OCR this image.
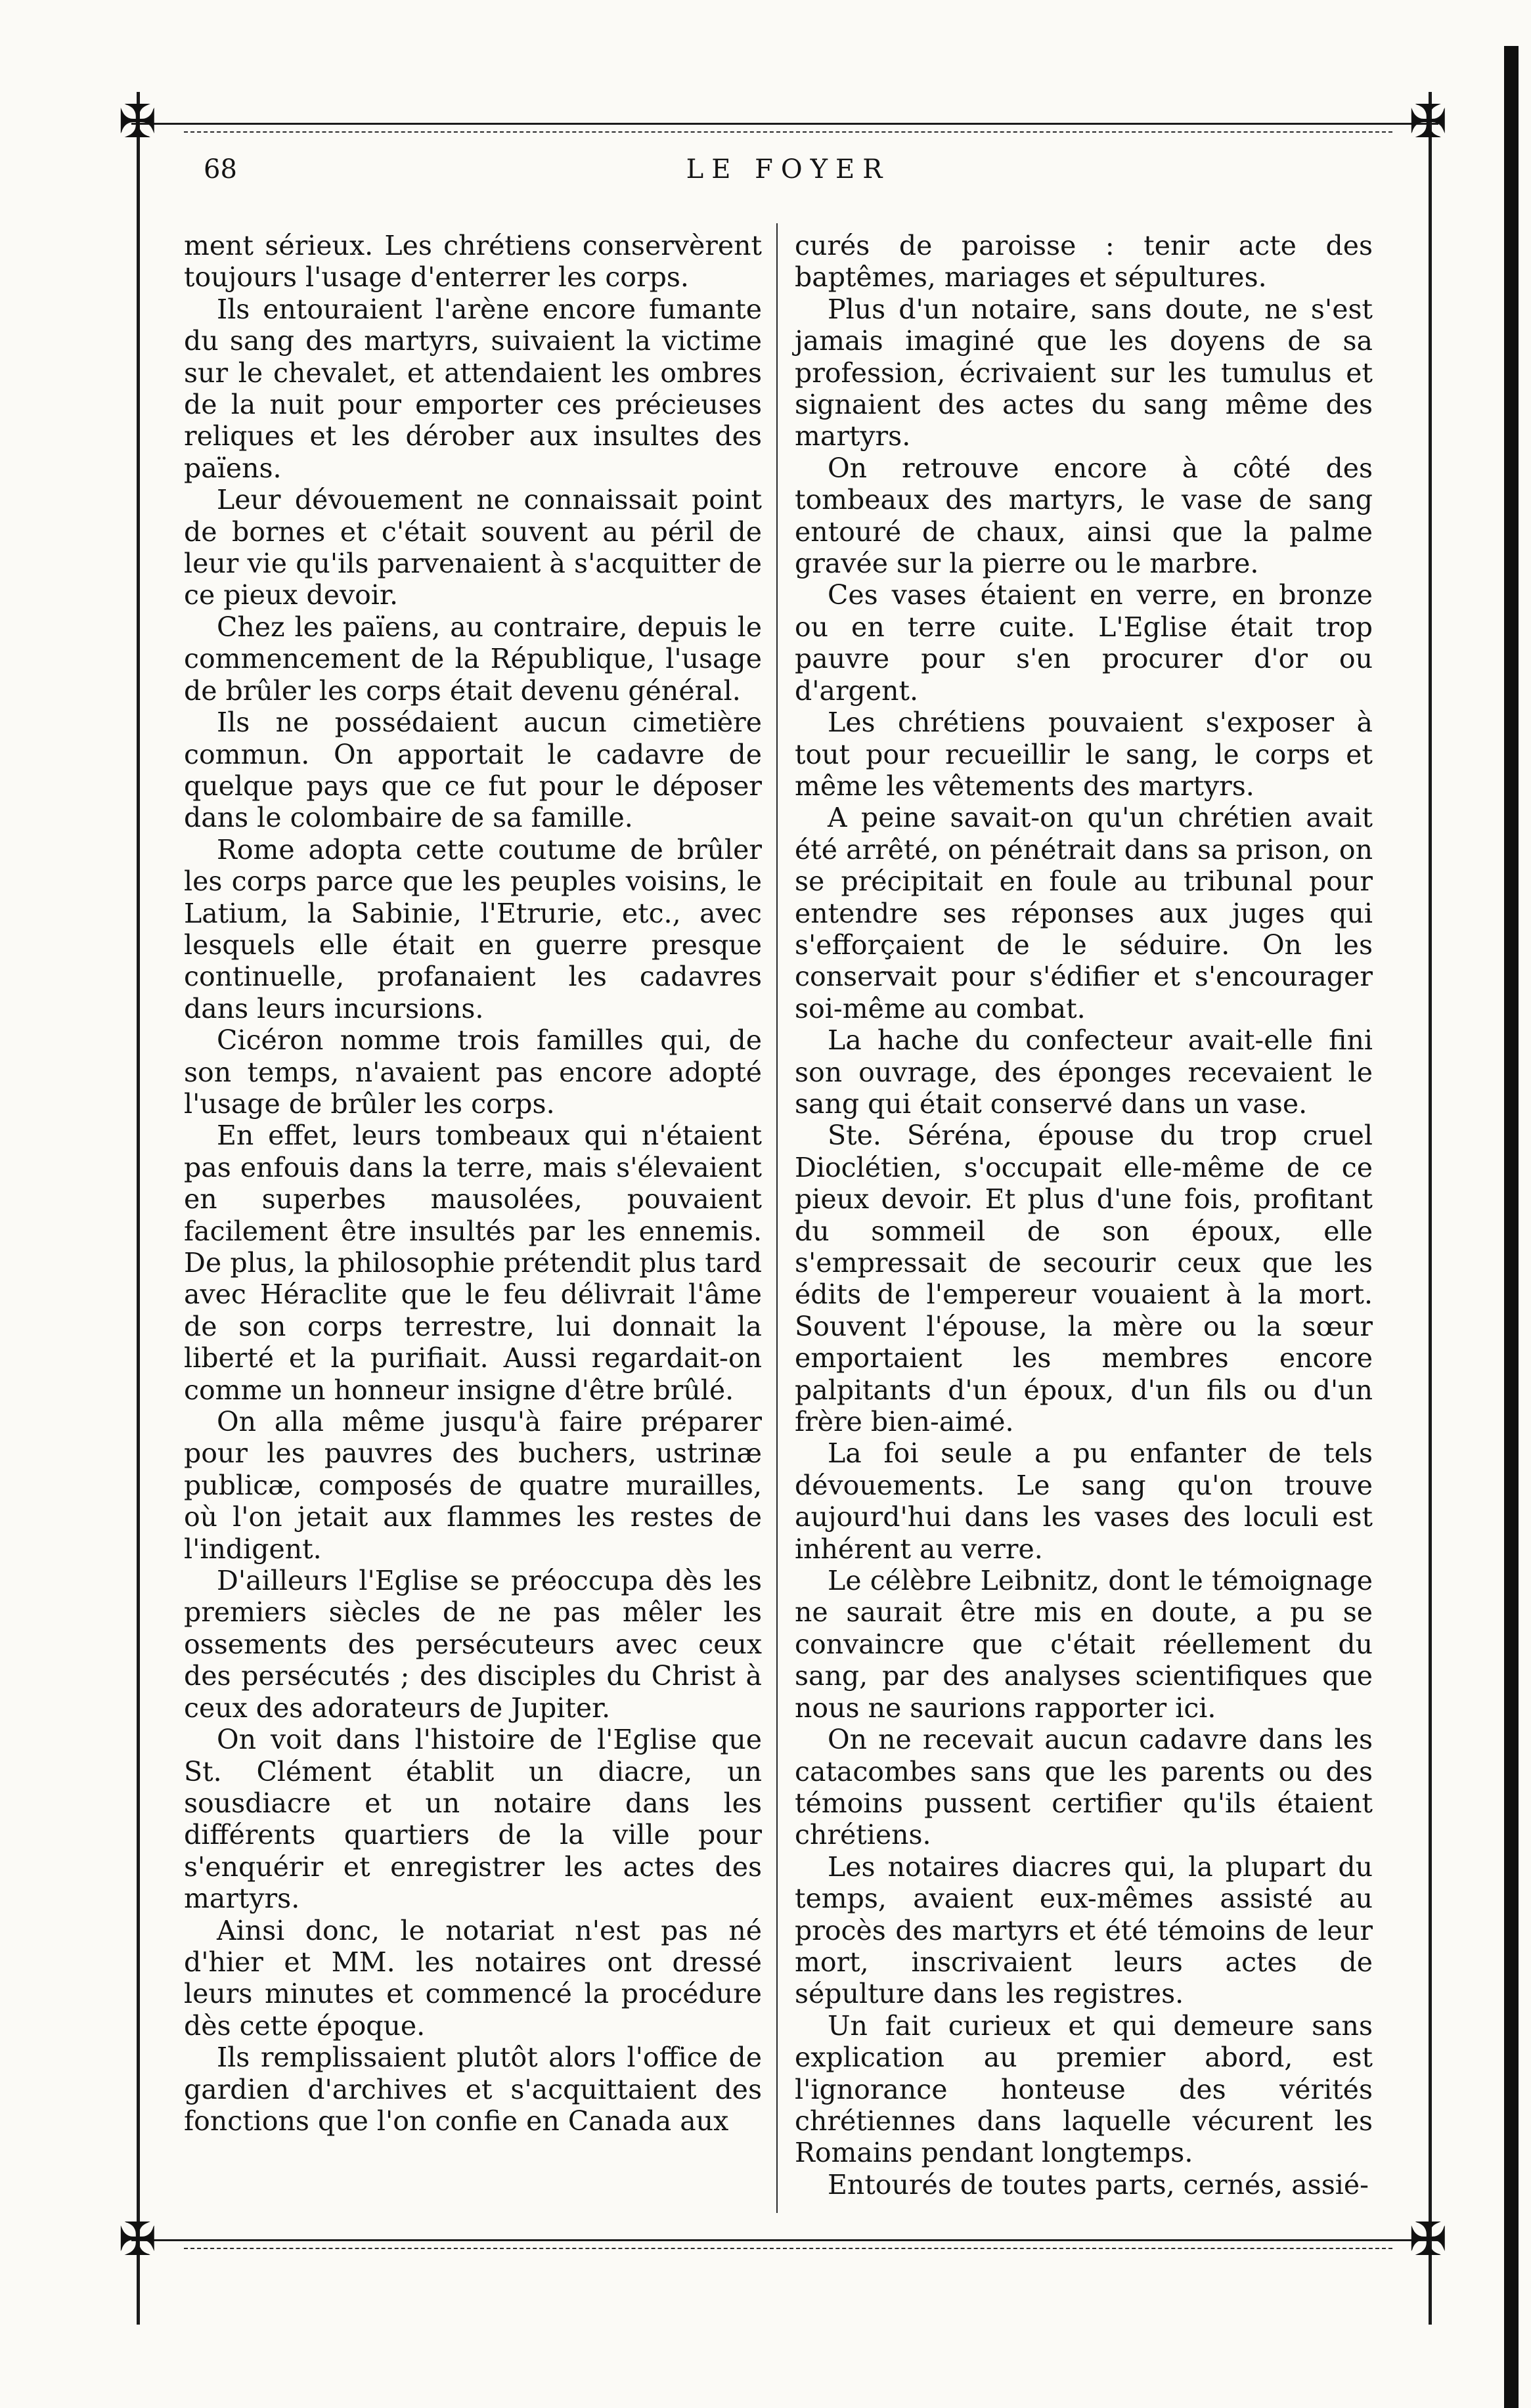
✠	✠
✠	✠
68	LE FOYER

ment sérieux. Les chrétiens conservèrent toujours l'usage d'enterrer les corps.

Ils entouraient l'arène encore fumante du sang des martyrs, suivaient la victime sur le chevalet, et attendaient les ombres de la nuit pour emporter ces précieuses reliques et les dérober aux insultes des païens.

Leur dévouement ne connaissait point de bornes et c'était souvent au péril de leur vie qu'ils parvenaient à s'acquitter de ce pieux devoir.

Chez les païens, au contraire, depuis le commencement de la République, l'usage de brûler les corps était devenu général.

Ils ne possédaient aucun cimetière commun. On apportait le cadavre de quelque pays que ce fut pour le déposer dans le colombaire de sa famille.

Rome adopta cette coutume de brûler les corps parce que les peuples voisins, le Latium, la Sabinie, l'Etrurie, etc., avec lesquels elle était en guerre presque continuelle, profanaient les cadavres dans leurs incursions.

Cicéron nomme trois familles qui, de son temps, n'avaient pas encore adopté l'usage de brûler les corps.

En effet, leurs tombeaux qui n'étaient pas enfouis dans la terre, mais s'élevaient en superbes mausolées, pouvaient facilement être insultés par les ennemis. De plus, la philosophie prétendit plus tard avec Héraclite que le feu délivrait l'âme de son corps terrestre, lui donnait la liberté et la purifiait. Aussi regardait-on comme un honneur insigne d'être brûlé.

On alla même jusqu'à faire préparer pour les pauvres des buchers, ustrinæ publicæ, composés de quatre murailles, où l'on jetait aux flammes les restes de l'indigent.

D'ailleurs l'Eglise se préoccupa dès les premiers siècles de ne pas mêler les ossements des persécuteurs avec ceux des persécutés ; des disciples du Christ à ceux des adorateurs de Jupiter.

On voit dans l'histoire de l'Eglise que St. Clément établit un diacre, un sousdiacre et un notaire dans les différents quartiers de la ville pour s'enquérir et enregistrer les actes des martyrs.

Ainsi donc, le notariat n'est pas né d'hier et MM. les notaires ont dressé leurs minutes et commencé la procédure dès cette époque.

Ils remplissaient plutôt alors l'office de gardien d'archives et s'acquittaient des fonctions que l'on confie en Canada aux

curés de paroisse : tenir acte des baptêmes, mariages et sépultures.

Plus d'un notaire, sans doute, ne s'est jamais imaginé que les doyens de sa profession, écrivaient sur les tumulus et signaient des actes du sang même des martyrs.

On retrouve encore à côté des tombeaux des martyrs, le vase de sang entouré de chaux, ainsi que la palme gravée sur la pierre ou le marbre.

Ces vases étaient en verre, en bronze ou en terre cuite. L'Eglise était trop pauvre pour s'en procurer d'or ou d'argent.

Les chrétiens pouvaient s'exposer à tout pour recueillir le sang, le corps et même les vêtements des martyrs.

A peine savait-on qu'un chrétien avait été arrêté, on pénétrait dans sa prison, on se précipitait en foule au tribunal pour entendre ses réponses aux juges qui s'efforçaient de le séduire. On les conservait pour s'édifier et s'encourager soi-même au combat.

La hache du confecteur avait-elle fini son ouvrage, des éponges recevaient le sang qui était conservé dans un vase.

Ste. Séréna, épouse du trop cruel Dioclétien, s'occupait elle-même de ce pieux devoir. Et plus d'une fois, profitant du sommeil de son époux, elle s'empressait de secourir ceux que les édits de l'empereur vouaient à la mort. Souvent l'épouse, la mère ou la sœur emportaient les membres encore palpitants d'un époux, d'un fils ou d'un frère bien-aimé.

La foi seule a pu enfanter de tels dévouements. Le sang qu'on trouve aujourd'hui dans les vases des loculi est inhérent au verre.

Le célèbre Leibnitz, dont le témoignage ne saurait être mis en doute, a pu se convaincre que c'était réellement du sang, par des analyses scientifiques que nous ne saurions rapporter ici.

On ne recevait aucun cadavre dans les catacombes sans que les parents ou des témoins pussent certifier qu'ils étaient chrétiens.

Les notaires diacres qui, la plupart du temps, avaient eux-mêmes assisté au procès des martyrs et été témoins de leur mort, inscrivaient leurs actes de sépulture dans les registres.

Un fait curieux et qui demeure sans explication au premier abord, est l'ignorance honteuse des vérités chrétiennes dans laquelle vécurent les Romains pendant longtemps.

Entourés de toutes parts, cernés, assié-
